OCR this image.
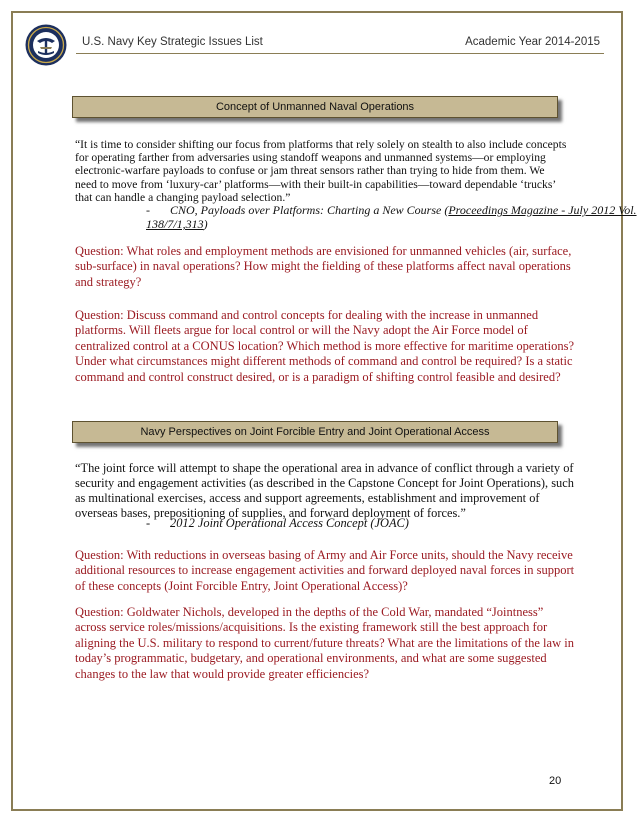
U.S. Navy Key Strategic Issues List	Academic Year 2014-2015
Concept of Unmanned Naval Operations
“It is time to consider shifting our focus from platforms that rely solely on stealth to also include concepts for operating farther from adversaries using standoff weapons and unmanned systems—or employing electronic-warfare payloads to confuse or jam threat sensors rather than trying to hide from them. We need to move from ‘luxury-car’ platforms—with their built-in capabilities—toward dependable ‘trucks’ that can handle a changing payload selection.”
- CNO, Payloads over Platforms: Charting a New Course (Proceedings Magazine - July 2012 Vol. 138/7/1,313)
Question: What roles and employment methods are envisioned for unmanned vehicles (air, surface, sub-surface) in naval operations? How might the fielding of these platforms affect naval operations and strategy?
Question: Discuss command and control concepts for dealing with the increase in unmanned platforms. Will fleets argue for local control or will the Navy adopt the Air Force model of centralized control at a CONUS location? Which method is more effective for maritime operations? Under what circumstances might different methods of command and control be required? Is a static command and control construct desired, or is a paradigm of shifting control feasible and desired?
Navy Perspectives on Joint Forcible Entry and Joint Operational Access
“The joint force will attempt to shape the operational area in advance of conflict through a variety of security and engagement activities (as described in the Capstone Concept for Joint Operations), such as multinational exercises, access and support agreements, establishment and improvement of overseas bases, prepositioning of supplies, and forward deployment of forces.”
- 2012 Joint Operational Access Concept (JOAC)
Question: With reductions in overseas basing of Army and Air Force units, should the Navy receive additional resources to increase engagement activities and forward deployed naval forces in support of these concepts (Joint Forcible Entry, Joint Operational Access)?
Question: Goldwater Nichols, developed in the depths of the Cold War, mandated “Jointness” across service roles/missions/acquisitions. Is the existing framework still the best approach for aligning the U.S. military to respond to current/future threats? What are the limitations of the law in today’s programmatic, budgetary, and operational environments, and what are some suggested changes to the law that would provide greater efficiencies?
20
